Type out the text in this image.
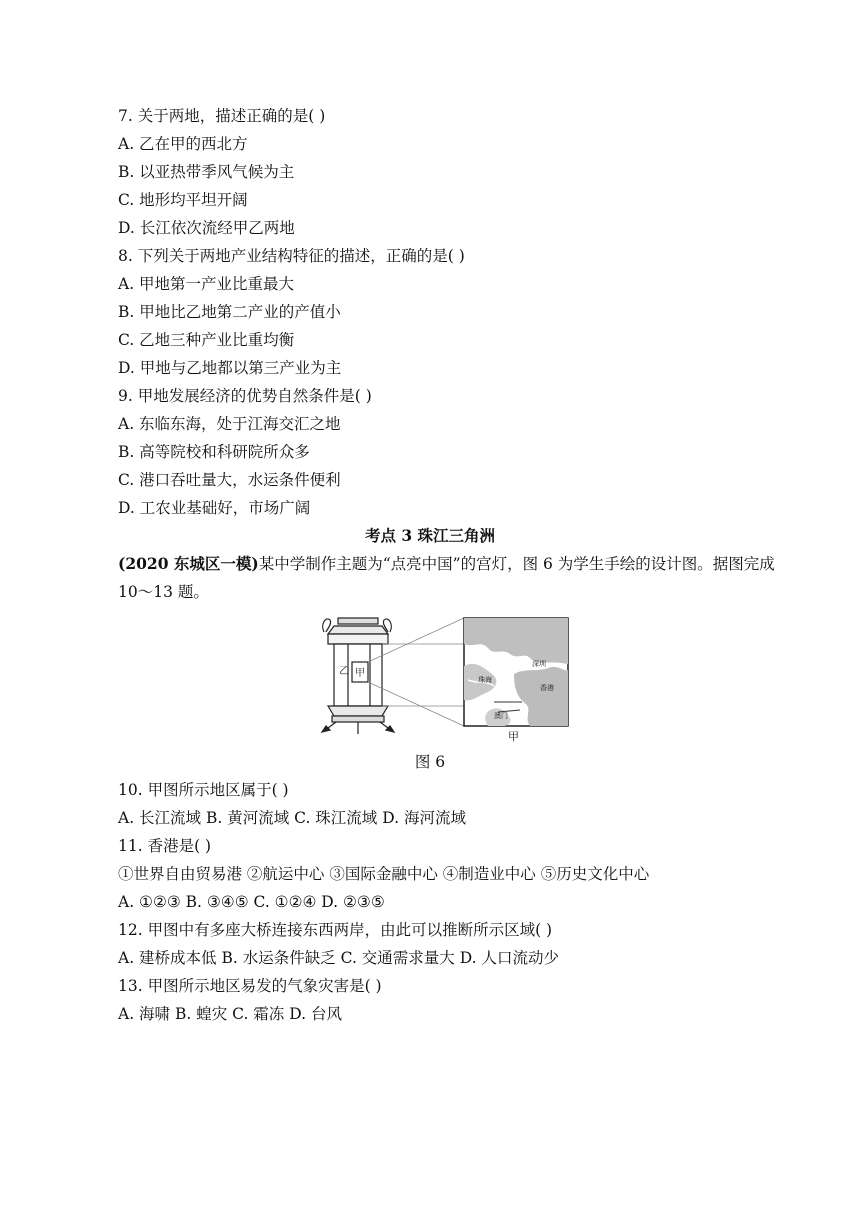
7. 关于两地，描述正确的是( )
A. 乙在甲的西北方
B. 以亚热带季风气候为主
C. 地形均平坦开阔
D. 长江依次流经甲乙两地
8. 下列关于两地产业结构特征的描述，正确的是( )
A. 甲地第一产业比重最大
B. 甲地比乙地第二产业的产值小
C. 乙地三种产业比重均衡
D. 甲地与乙地都以第三产业为主
9. 甲地发展经济的优势自然条件是( )
A. 东临东海，处于江海交汇之地
B. 高等院校和科研院所众多
C. 港口吞吐量大，水运条件便利
D. 工农业基础好，市场广阔
考点 3 珠江三角洲
(2020 东城区一模)某中学制作主题为“点亮中国”的宫灯，图 6 为学生手绘的设计图。据图完成 10～13 题。
乙 甲
深圳
珠海
香港
澳门
甲
图 6
10. 甲图所示地区属于( )
A. 长江流域 B. 黄河流域 C. 珠江流域 D. 海河流域
11. 香港是( )
①世界自由贸易港 ②航运中心 ③国际金融中心 ④制造业中心 ⑤历史文化中心
A. ①②③ B. ③④⑤ C. ①②④ D. ②③⑤
12. 甲图中有多座大桥连接东西两岸，由此可以推断所示区域( )
A. 建桥成本低 B. 水运条件缺乏 C. 交通需求量大 D. 人口流动少
13. 甲图所示地区易发的气象灾害是( )
A. 海啸 B. 蝗灾 C. 霜冻 D. 台风
